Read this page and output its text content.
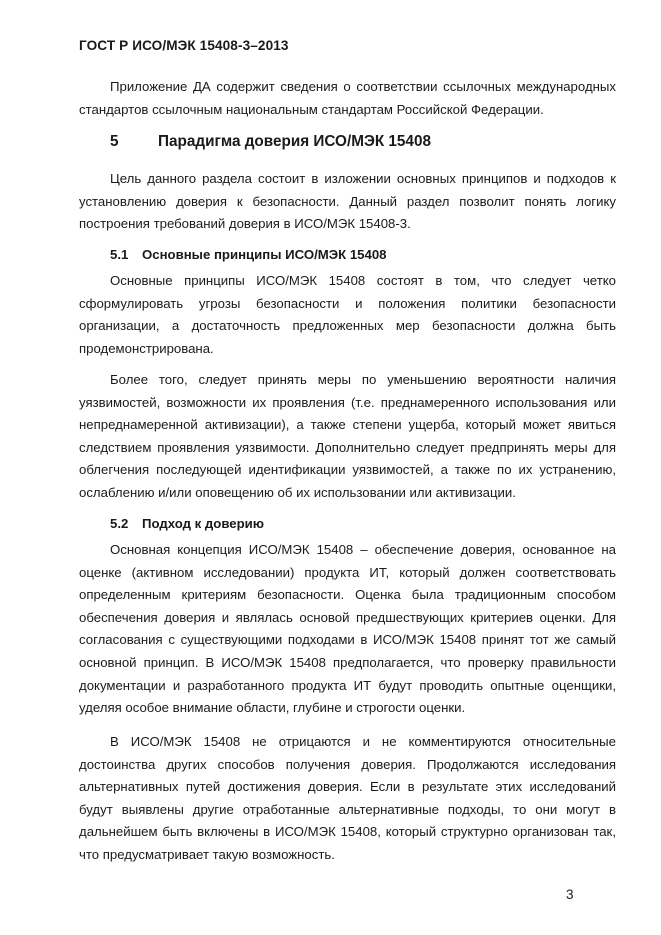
ГОСТ Р ИСО/МЭК 15408-3–2013

Приложение ДА содержит сведения о соответствии ссылочных международных стандартов ссылочным национальным стандартам Российской Федерации.

5	Парадигма доверия ИСО/МЭК 15408

Цель данного раздела состоит в изложении основных принципов и подходов к установлению доверия к безопасности. Данный раздел позволит понять логику построения требований доверия в ИСО/МЭК 15408-3.

5.1 Основные принципы ИСО/МЭК 15408

Основные принципы ИСО/МЭК 15408 состоят в том, что следует четко сформулировать угрозы безопасности и положения политики безопасности организации, а достаточность предложенных мер безопасности должна быть продемонстрирована.

Более того, следует принять меры по уменьшению вероятности наличия уязвимостей, возможности их проявления (т.е. преднамеренного использования или непреднамеренной активизации), а также степени ущерба, который может явиться следствием проявления уязвимости. Дополнительно следует предпринять меры для облегчения последующей идентификации уязвимостей, а также по их устранению, ослаблению и/или оповещению об их использовании или активизации.

5.2 Подход к доверию

Основная концепция ИСО/МЭК 15408 – обеспечение доверия, основанное на оценке (активном исследовании) продукта ИТ, который должен соответствовать определенным критериям безопасности. Оценка была традиционным способом обеспечения доверия и являлась основой предшествующих критериев оценки. Для согласования с существующими подходами в ИСО/МЭК 15408 принят тот же самый основной принцип. В ИСО/МЭК 15408 предполагается, что проверку правильности документации и разработанного продукта ИТ будут проводить опытные оценщики, уделяя особое внимание области, глубине и строгости оценки.

В ИСО/МЭК 15408 не отрицаются и не комментируются относительные достоинства других способов получения доверия. Продолжаются исследования альтернативных путей достижения доверия. Если в результате этих исследований будут выявлены другие отработанные альтернативные подходы, то они могут в дальнейшем быть включены в ИСО/МЭК 15408, который структурно организован так, что предусматривает такую возможность.

3
